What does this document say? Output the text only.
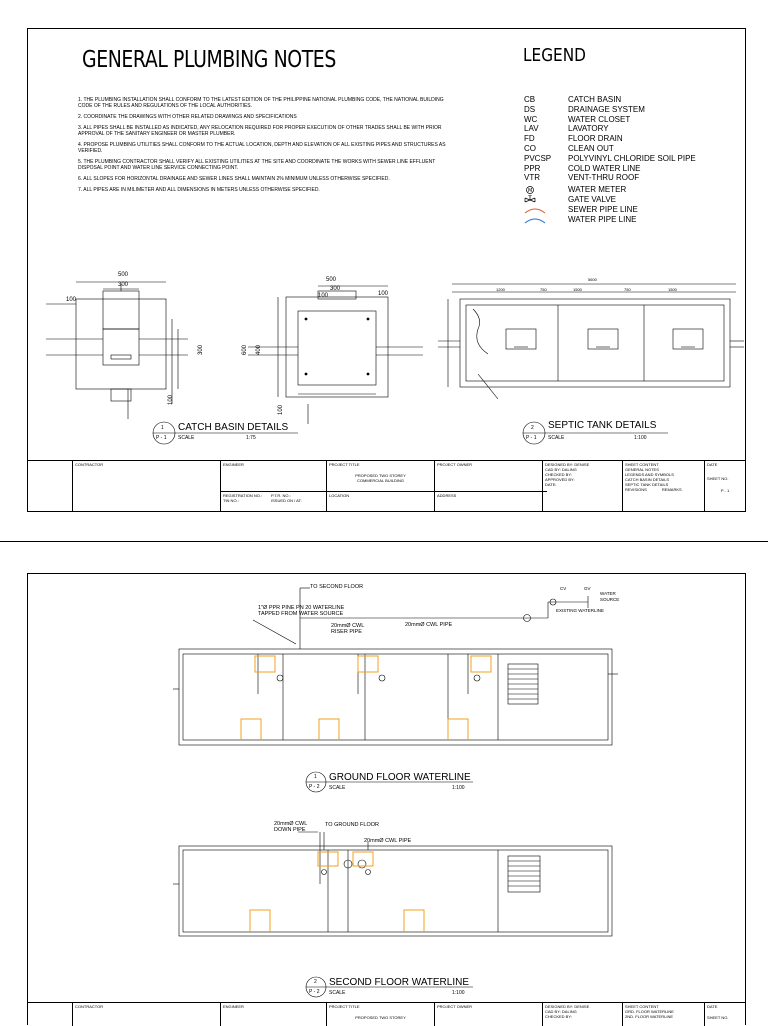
GENERAL PLUMBING NOTES	LEGEND
1. THE PLUMBING INSTALLATION SHALL CONFORM TO THE LATEST EDITION OF THE PHILIPPINE NATIONAL PLUMBING CODE, THE NATIONAL BUILDING CODE OF THE RULES AND REGULATIONS OF THE LOCAL AUTHORITIES.
2. COORDINATE THE DRAWINGS WITH OTHER RELATED DRAWINGS AND SPECIFICATIONS
3. ALL PIPES SHALL BE INSTALLED AS INDICATED, ANY RELOCATION REQUIRED FOR PROPER EXECUTION OF OTHER TRADES SHALL BE WITH PRIOR APPROVAL OF THE SANITARY ENGINEER OR MASTER PLUMBER.
4. PROPOSE PLUMBING UTILITIES SHALL CONFORM TO THE ACTUAL LOCATION, DEPTH AND ELEVATION OF ALL EXISTING PIPES AND STRUCTURES AS VERIFIED.
5. THE PLUMBING CONTRACTOR SHALL VERIFY ALL EXISTING UTILITIES AT THE SITE AND COORDINATE THE WORKS WITH SEWER LINE EFFLUENT DISPOSAL POINT AND WATER LINE SERVICE CONNECTING POINT.
6. ALL SLOPES FOR HORIZONTAL DRAINAGE AND SEWER LINES SHALL MAINTAIN 2% MINIMUM UNLESS OTHERWISE SPECIFIED.
7. ALL PIPES ARE IN MILIMETER AND ALL DIMENSIONS IN METERS UNLESS OTHERWISE SPECIFIED.
CB	CATCH BASIN
DS	DRAINAGE SYSTEM
WC	WATER CLOSET
LAV	LAVATORY
FD	FLOOR DRAIN
CO	CLEAN OUT
PVCSP	POLYVINYL CHLORIDE SOIL PIPE
PPR	COLD WATER LINE
VTR	VENT-THRU ROOF
M	WATER METER
GATE VALVE
SEWER PIPE LINE
WATER PIPE LINE
500
300
100
500
300
100	100
600 400
300
100
100
5600
1200	750	1500	750	1500
1
P - 1
CATCH BASIN DETAILS
SCALE	1:75
2
P - 1
SEPTIC TANK DETAILS
SCALE	1:100
CONTRACTOR	ENGINEER
REGISTRATION NO.: P.T.R. NO.:

TIN NO.:	ISSUED ON / AT:
PROJECT TITLE
PROPOSED TWO STOREY
COMMERCIAL BUILDING
LOCATION
PROJECT OWNER
ADDRESS
DESIGNED BY: DENISE
CAD BY: DALING
CHECKED BY:
APPROVED BY:
DATE:
SHEET CONTENT
GENERAL NOTES
LEGENDS AND SYMBOLS
CATCH BASIN DETAILS
SEPTIC TANK DETAILS
REVISIONS	REMARKS
DATE
SHEET NO.
P - 1
TO SECOND FLOOR
1"Ø PPR PINE PN 20 WATERLINE
TAPPED FROM WATER SOURCE
20mmØ CWL
RISER PIPE
20mmØ CWL PIPE
CV	GV
WATER
SOURCE
EXISTING WATERLINE
1
P - 2
GROUND FLOOR WATERLINE
SCALE	1:100
20mmØ CWL
DOWN PIPE
TO GROUND FLOOR
20mmØ CWL PIPE
2
P - 2
SECOND FLOOR WATERLINE
SCALE	1:100
CONTRACTOR	ENGINEER	PROJECT TITLE
PROPOSED TWO STOREY
PROJECT OWNER	DESIGNED BY: DENISE
CAD BY: DALING
CHECKED BY:
SHEET CONTENT
GRD. FLOOR WATERLINE
2ND. FLOOR WATERLINE
DATE
SHEET NO.
